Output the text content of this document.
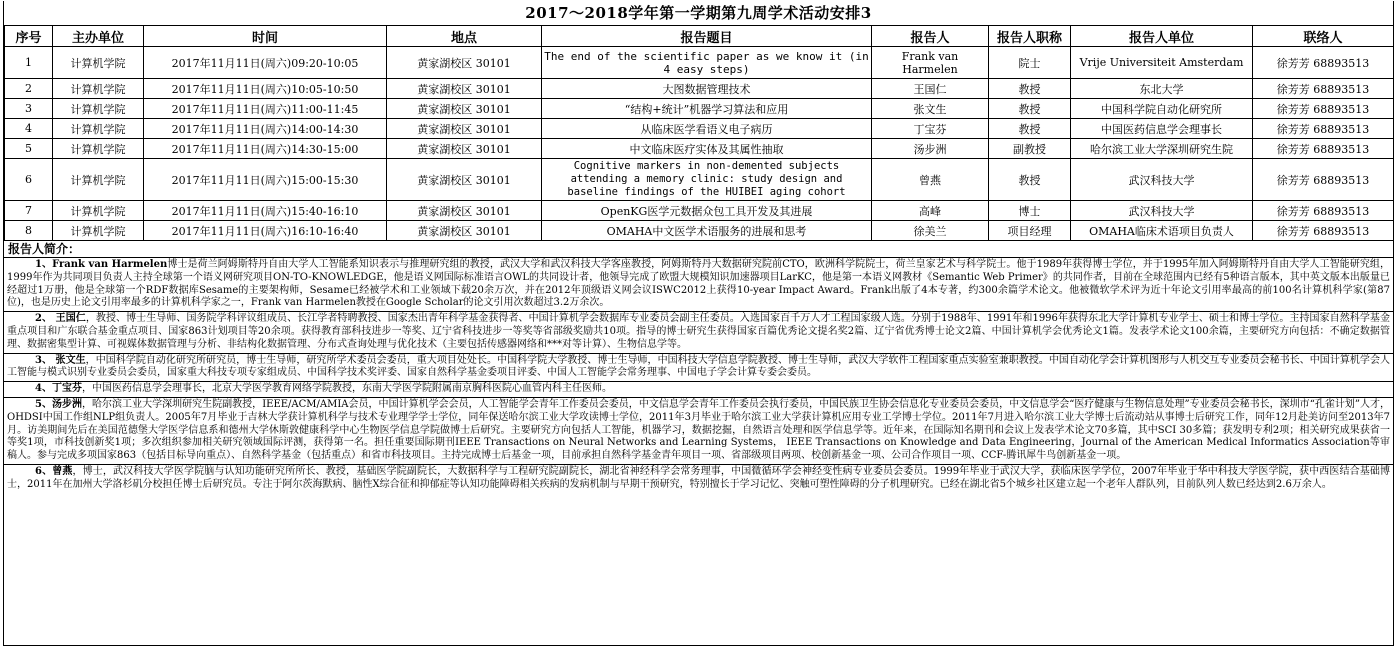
2017～2018学年第一学期第九周学术活动安排3
序号	主办单位	时间	地点	报告题目	报告人	报告人职称	报告人单位	联络人
1	计算机学院	2017年11月11日(周六)09:20-10:05	黄家湖校区 30101	The end of the scientific paper as we know it (in 4 easy steps)	Frank van Harmelen	院士	Vrije Universiteit Amsterdam	徐芳芳 68893513
2	计算机学院	2017年11月11日(周六)10:05-10:50	黄家湖校区 30101	大图数据管理技术	王国仁	教授	东北大学	徐芳芳 68893513
3	计算机学院	2017年11月11日(周六)11:00-11:45	黄家湖校区 30101	“结构+统计”机器学习算法和应用	张文生	教授	中国科学院自动化研究所	徐芳芳 68893513
4	计算机学院	2017年11月11日(周六)14:00-14:30	黄家湖校区 30101	从临床医学看语义电子病历	丁宝芬	教授	中国医药信息学会理事长	徐芳芳 68893513
5	计算机学院	2017年11月11日(周六)14:30-15:00	黄家湖校区 30101	中文临床医疗实体及其属性抽取	汤步洲	副教授	哈尔滨工业大学深圳研究生院	徐芳芳 68893513
6	计算机学院	2017年11月11日(周六)15:00-15:30	黄家湖校区 30101	Cognitive markers in non-demented subjects attending a memory clinic: study design and baseline findings of the HUIBEI aging cohort	曾燕	教授	武汉科技大学	徐芳芳 68893513
7	计算机学院	2017年11月11日(周六)15:40-16:10	黄家湖校区 30101	OpenKG医学元数据众包工具开发及其进展	高峰	博士	武汉科技大学	徐芳芳 68893513
8	计算机学院	2017年11月11日(周六)16:10-16:40	黄家湖校区 30101	OMAHA中文医学术语服务的进展和思考	徐美兰	项目经理	OMAHA临床术语项目负责人	徐芳芳 68893513
报告人简介：
1、Frank van Harmelen博士是荷兰阿姆斯特丹自由大学人工智能系知识表示与推理研究组的教授，武汉大学和武汉科技大学客座教授，阿姆斯特丹大数据研究院前CTO，欧洲科学院院士，荷兰皇家艺术与科学院士。他于1989年获得博士学位，并于1995年加入阿姆斯特丹自由大学人工智能研究组，1999年作为共同项目负责人主持全球第一个语义网研究项目ON-TO-KNOWLEDGE，他是语义网国际标准语言OWL的共同设计者，他领导完成了欧盟大规模知识加速器项目LarKC，他是第一本语义网教材《Semantic Web Primer》的共同作者，目前在全球范围内已经有5种语言版本，其中英文版本出版量已经超过1万册，他是全球第一个RDF数据库Sesame的主要架构师，Sesame已经被学术和工业领域下载20余万次，并在2012年顶级语义网会议ISWC2012上获得10-year Impact Award。Frank出版了4本专著，约300余篇学术论文。他被微软学术评为近十年论文引用率最高的前100名计算机科学家(第87位)，也是历史上论文引用率最多的计算机科学家之一，Frank van Harmelen教授在Google Scholar的论文引用次数超过3.2万余次。
2、 王国仁，教授、博士生导师、国务院学科评议组成员、长江学者特聘教授、国家杰出青年科学基金获得者、中国计算机学会数据库专业委员会副主任委员。入选国家百千万人才工程国家级人选。分别于1988年、1991年和1996年获得东北大学计算机专业学士、硕士和博士学位。主持国家自然科学基金重点项目和广东联合基金重点项目、国家863计划项目等20余项。获得教育部科技进步一等奖、辽宁省科技进步一等奖等省部级奖励共10项。指导的博士研究生获得国家百篇优秀论文提名奖2篇、辽宁省优秀博士论文2篇、中国计算机学会优秀论文1篇。发表学术论文100余篇，主要研究方向包括：不确定数据管理、数据密集型计算、可视媒体数据管理与分析、非结构化数据管理、分布式查询处理与优化技术（主要包括传感器网络和***对等计算）、生物信息学等。
3、 张文生，中国科学院自动化研究所研究员，博士生导师，研究所学术委员会委员，重大项目处处长。中国科学院大学教授、博士生导师，中国科技大学信息学院教授、博士生导师，武汉大学软件工程国家重点实验室兼职教授。中国自动化学会计算机图形与人机交互专业委员会秘书长、中国计算机学会人工智能与模式识别专业委员会委员，国家重大科技专项专家组成员、中国科学技术奖评委、国家自然科学基金委项目评委、中国人工智能学会常务理事、中国电子学会计算专委会委员。
4、丁宝芬，中国医药信息学会理事长，北京大学医学教育网络学院教授，东南大学医学院附属南京胸科医院心血管内科主任医师。
5、汤步洲，哈尔滨工业大学深圳研究生院副教授，IEEE/ACM/AMIA会员，中国计算机学会会员，人工智能学会青年工作委员会委员，中文信息学会青年工作委员会执行委员，中国民族卫生协会信息化专业委员会委员，中文信息学会“医疗健康与生物信息处理”专业委员会秘书长，深圳市“孔雀计划”人才，OHDSI中国工作组NLP组负责人。2005年7月毕业于吉林大学获计算机科学与技术专业理学学士学位，同年保送哈尔滨工业大学攻读博士学位，2011年3月毕业于哈尔滨工业大学获计算机应用专业工学博士学位。2011年7月进入哈尔滨工业大学博士后流动站从事博士后研究工作，同年12月赴美访问至2013年7月。访美期间先后在美国范德堡大学医学信息系和德州大学休斯敦健康科学中心生物医学信息学院做博士后研究。主要研究方向包括人工智能，机器学习，数据挖掘，自然语言处理和医学信息学等。近年来，在国际知名期刊和会议上发表学术论文70多篇，其中SCI 30多篇；获发明专利2项；相关研究成果获省一等奖1项，市科技创新奖1项；多次组织参加相关研究领域国际评测，获得第一名。担任重要国际期刊IEEE Transactions on Neural Networks and Learning Systems， IEEE Transactions on Knowledge and Data Engineering，Journal of the American Medical Informatics Association等审稿人。参与完成多项国家863（包括目标导向重点）、自然科学基金（包括重点）和省市科技项目。主持完成博士后基金一项，目前承担自然科学基金青年项目一项、省部级项目两项、校创新基金一项、公司合作项目一项、CCF-腾讯犀牛鸟创新基金一项。
6、曾燕，博士，武汉科技大学医学院脑与认知功能研究所所长、教授，基础医学院副院长，大数据科学与工程研究院副院长，湖北省神经科学会常务理事，中国微循环学会神经变性病专业委员会委员。1999年毕业于武汉大学，获临床医学学位，2007年毕业于华中科技大学医学院，获中西医结合基础博士，2011年在加州大学洛杉矶分校担任博士后研究员。专注于阿尔茨海默病、脑性X综合征和抑郁症等认知功能障碍相关疾病的发病机制与早期干预研究，特别擅长于学习记忆、突触可塑性障碍的分子机理研究。已经在湖北省5个城乡社区建立起一个老年人群队列，目前队列人数已经达到2.6万余人。
